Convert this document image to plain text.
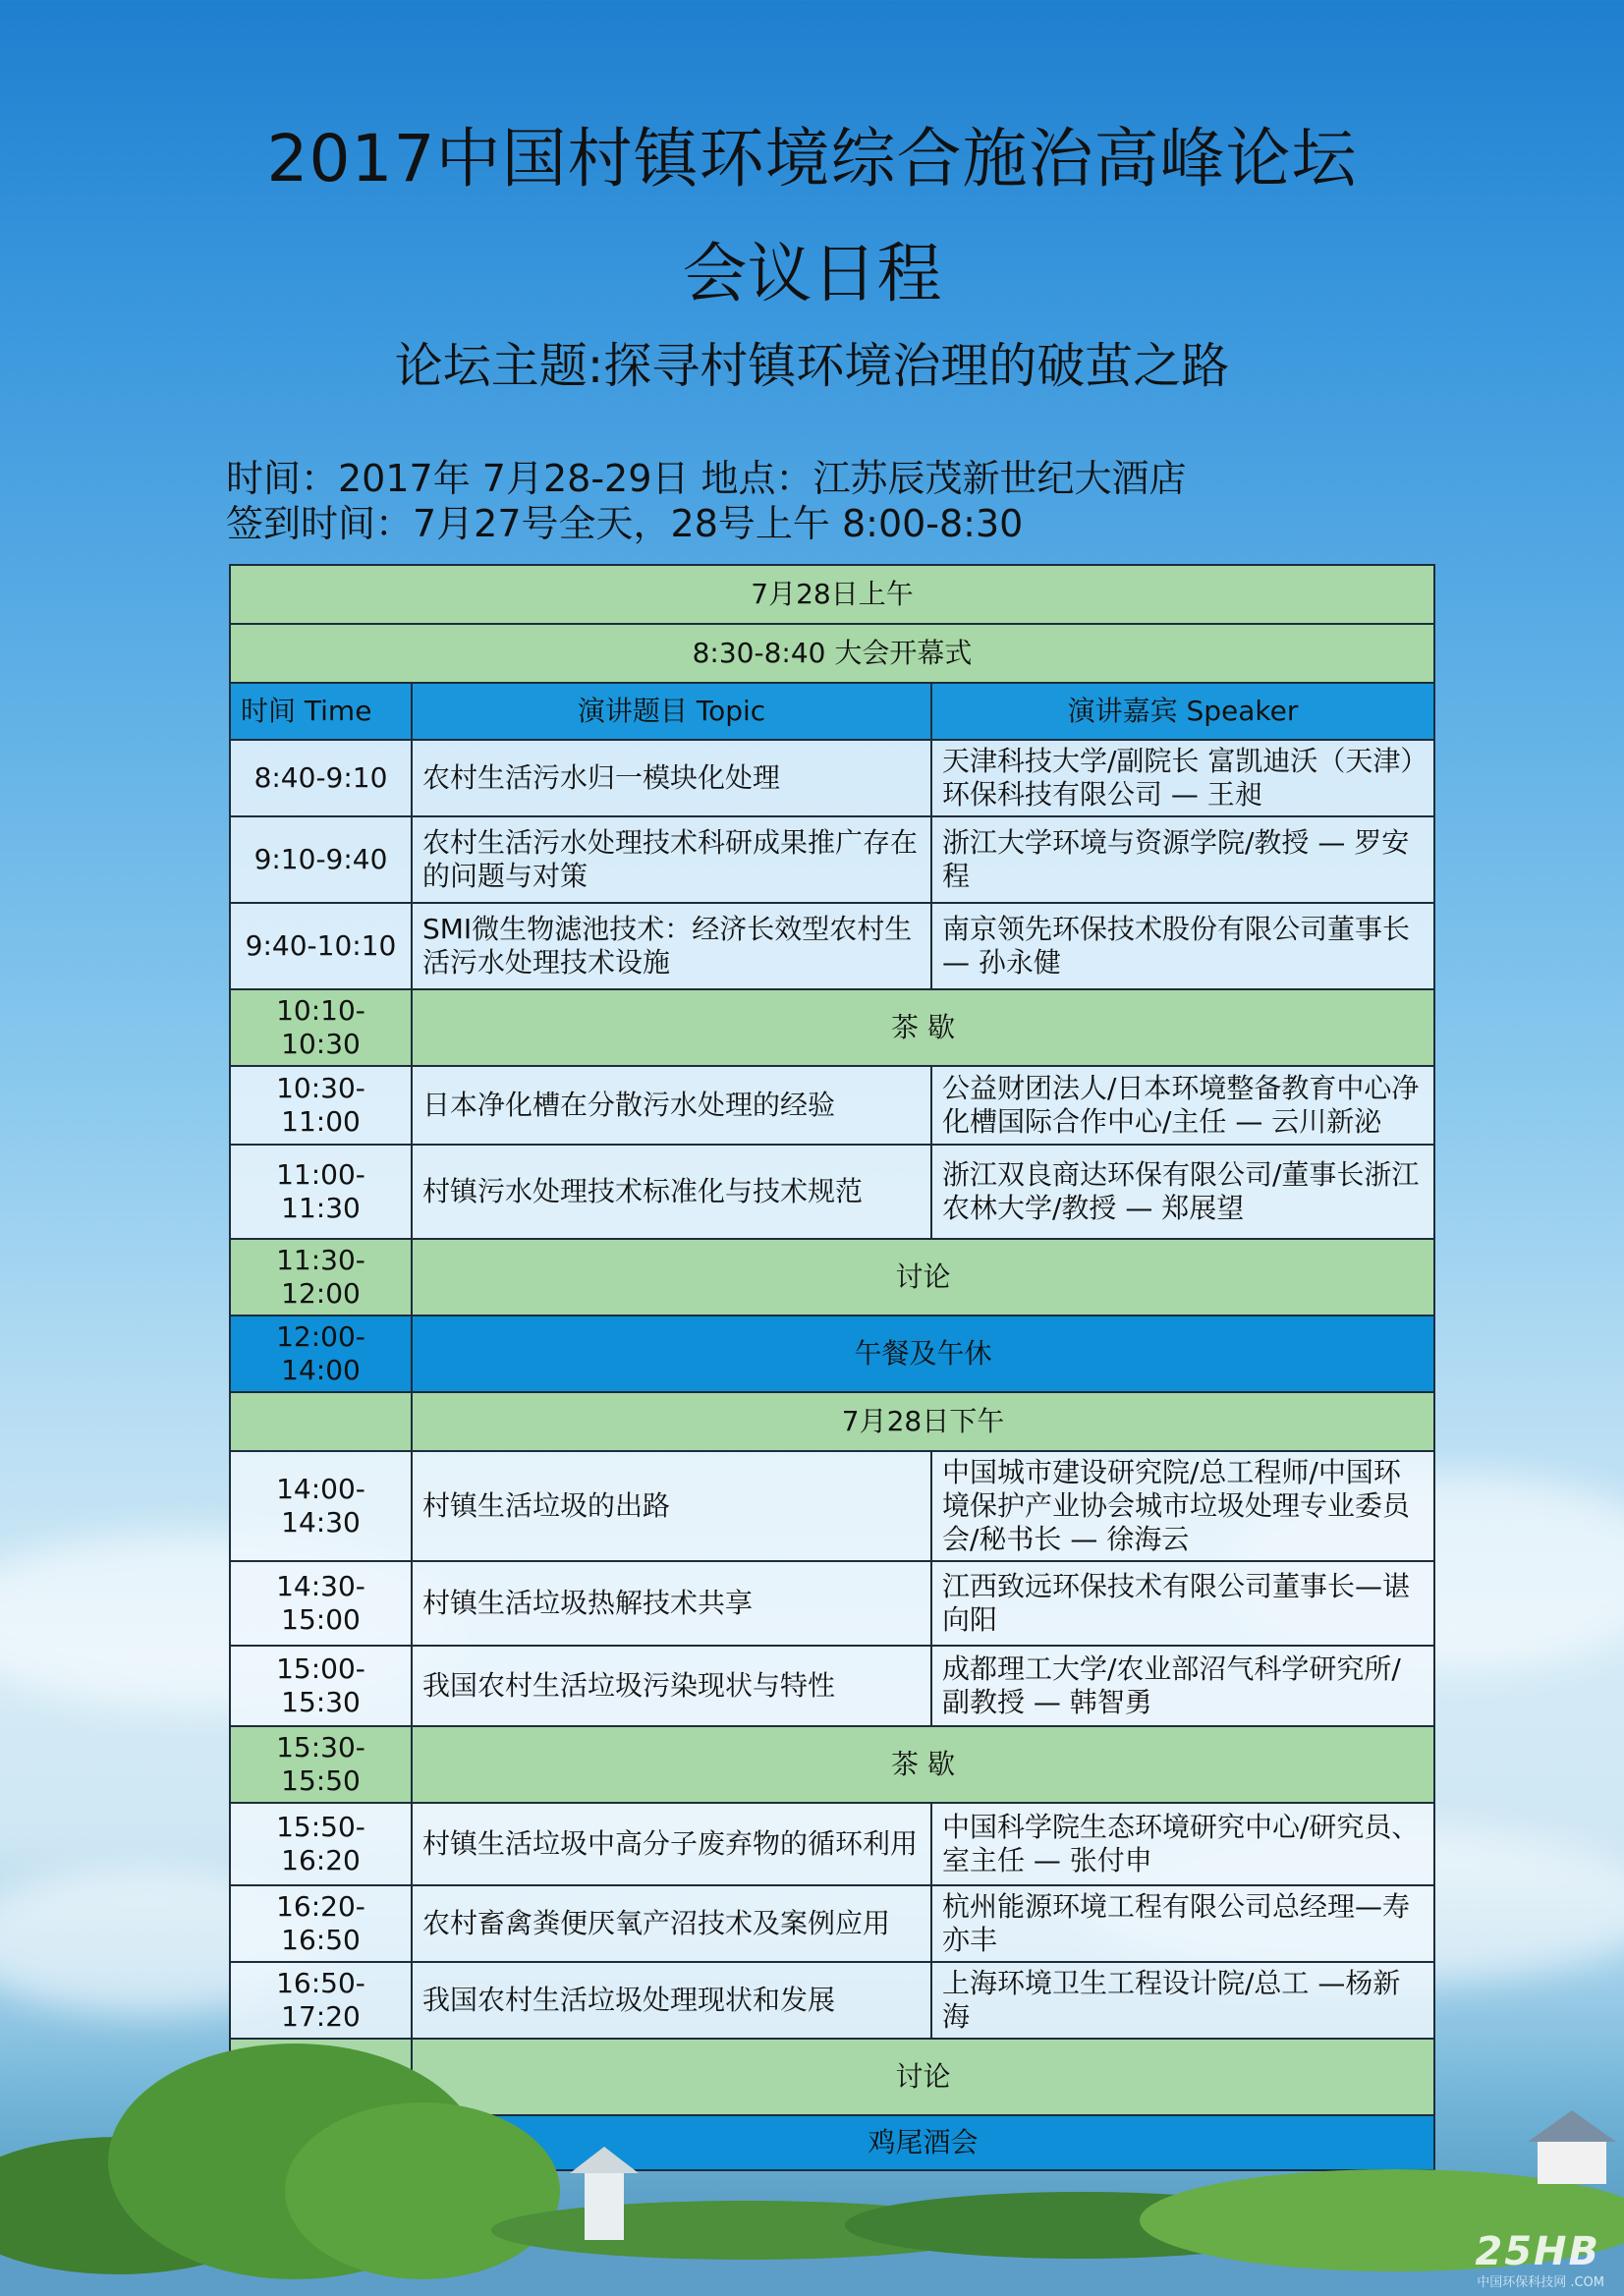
2017中国村镇环境综合施治高峰论坛
会议日程
论坛主题:探寻村镇环境治理的破茧之路
时间：2017年 7月28-29日 地点：江苏辰茂新世纪大酒店
签到时间：7月27号全天，28号上午 8:00-8:30
7月28日上午		
8:30-8:40 大会开幕式		
时间 Time	演讲题目 Topic	演讲嘉宾 Speaker
8:40-9:10	农村生活污水归一模块化处理	天津科技大学/副院长 富凯迪沃（天津）环保科技有限公司 — 王昶
9:10-9:40	农村生活污水处理技术科研成果推广存在的问题与对策	浙江大学环境与资源学院/教授 — 罗安程
9:40-10:10	SMI微生物滤池技术：经济长效型农村生活污水处理技术设施	南京领先环保技术股份有限公司董事长— 孙永健
10:10-10:30	茶 歇	
10:30-11:00	日本净化槽在分散污水处理的经验	公益财团法人/日本环境整备教育中心净化槽国际合作中心/主任 — 云川新泌
11:00-11:30	村镇污水处理技术标准化与技术规范	浙江双良商达环保有限公司/董事长浙江农林大学/教授 — 郑展望
11:30-12:00	讨论	
12:00-14:00	午餐及午休	
	7月28日下午	
14:00-14:30	村镇生活垃圾的出路	中国城市建设研究院/总工程师/中国环境保护产业协会城市垃圾处理专业委员会/秘书长 — 徐海云
14:30-15:00	村镇生活垃圾热解技术共享	江西致远环保技术有限公司董事长—谌向阳
15:00-15:30	我国农村生活垃圾污染现状与特性	成都理工大学/农业部沼气科学研究所/副教授 — 韩智勇
15:30-15:50	茶 歇	
15:50-16:20	村镇生活垃圾中高分子废弃物的循环利用	中国科学院生态环境研究中心/研究员、室主任 — 张付申
16:20-16:50	农村畜禽粪便厌氧产沼技术及案例应用	杭州能源环境工程有限公司总经理—寿亦丰
16:50-17:20	我国农村生活垃圾处理现状和发展	上海环境卫生工程设计院/总工 —杨新海
	讨论	
	鸡尾酒会	
25HB
中国环保科技网 .COM
